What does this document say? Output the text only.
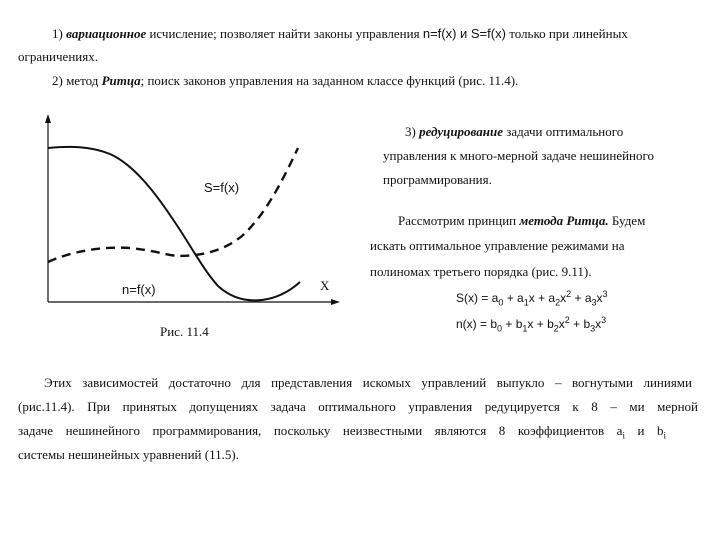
1) вариационное исчисление; позволяет найти законы управления n=f(x) и S=f(x) только при линейных
ограничениях.
2) метод Ритца; поиск законов управления на заданном классе функций (рис. 11.4).
S=f(x)
n=f(x)	X
Рис. 11.4
3) редуцирование задачи оптимального
управления к много-мерной задаче нешинейного
программирования.
Рассмотрим принцип метода Ритца. Будем
искать оптимальное управление режимами на
полиномах третьего порядка (рис. 9.11).
$S(x) = a_0 + a_1x + a_2x^2 + a_3x^3$
$n(x) = b_0 + b_1x + b_2x^2 + b_3x^3$
Этих зависимостей достаточно для представления искомых управлений выпукло – вогнутыми линиями
(рис.11.4). При принятых допущениях задача оптимального управления редуцируется к 8 – ми мерной
задаче нешинейного программирования, поскольку неизвестными являются 8 коэффициентов $a_i$ и $b_i$
системы нешинейных уравнений (11.5).
